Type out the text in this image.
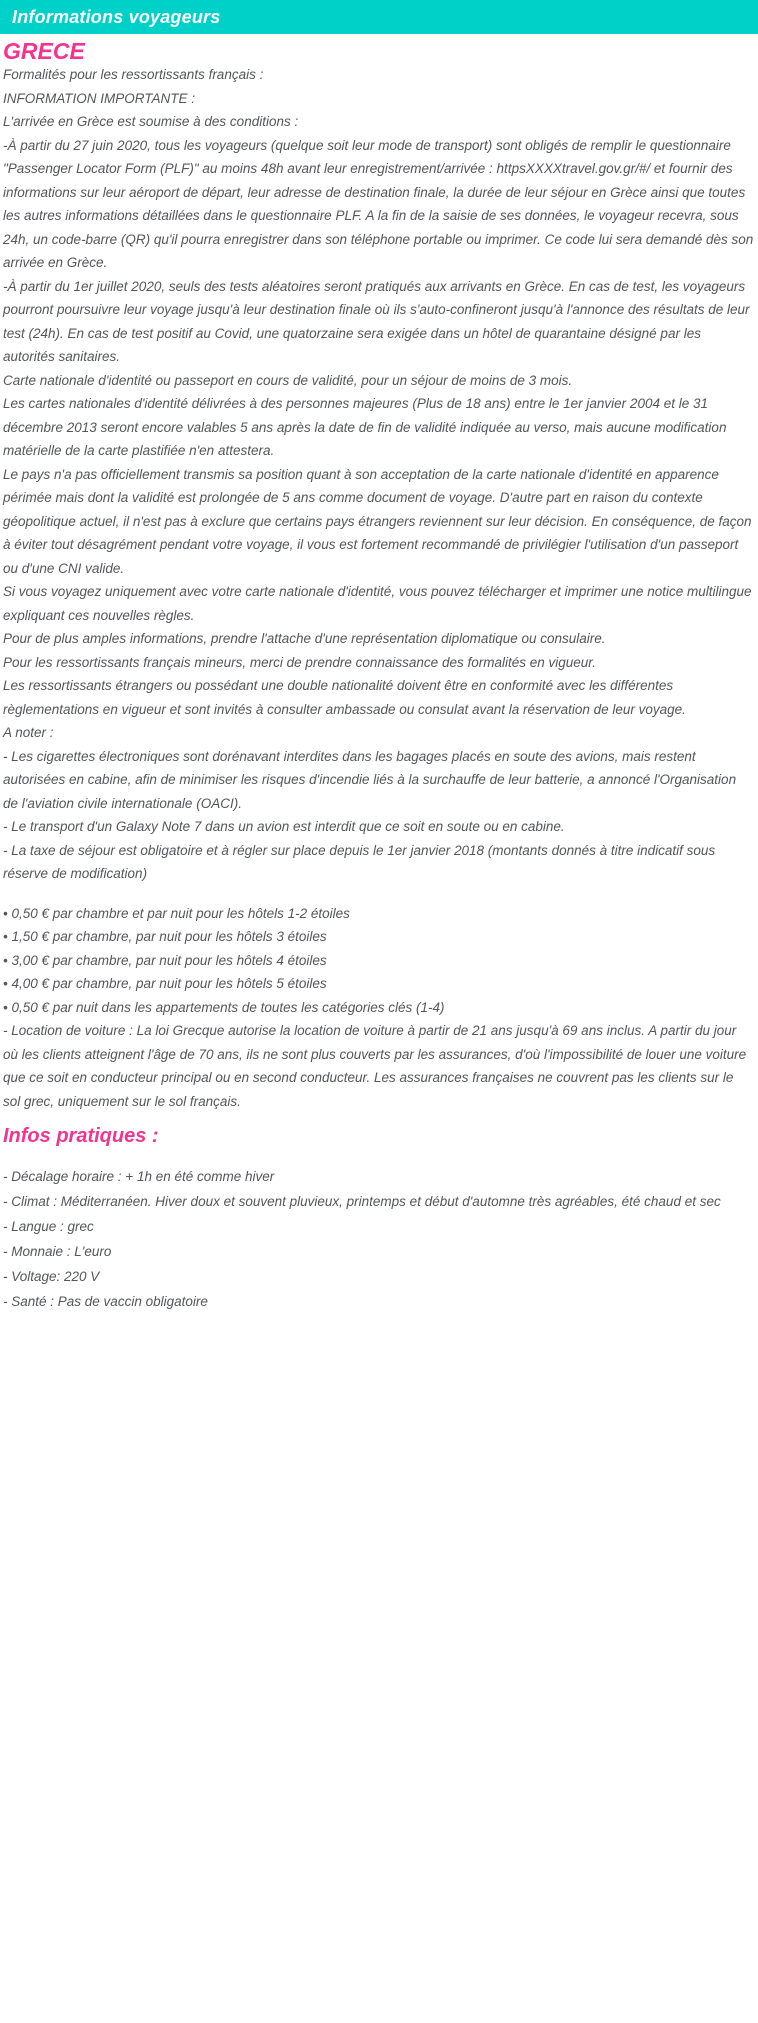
Informations voyageurs
GRECE

Formalités pour les ressortissants français :

INFORMATION IMPORTANTE :

L'arrivée en Grèce est soumise à des conditions :

-À partir du 27 juin 2020, tous les voyageurs (quelque soit leur mode de transport) sont obligés de remplir le questionnaire "Passenger Locator Form (PLF)" au moins 48h avant leur enregistrement/arrivée : httpsXXXXtravel.gov.gr/#/ et fournir des informations sur leur aéroport de départ, leur adresse de destination finale, la durée de leur séjour en Grèce ainsi que toutes les autres informations détaillées dans le questionnaire PLF. A la fin de la saisie de ses données, le voyageur recevra, sous 24h, un code-barre (QR) qu'il pourra enregistrer dans son téléphone portable ou imprimer. Ce code lui sera demandé dès son arrivée en Grèce.

-À partir du 1er juillet 2020, seuls des tests aléatoires seront pratiqués aux arrivants en Grèce. En cas de test, les voyageurs pourront poursuivre leur voyage jusqu'à leur destination finale où ils s'auto-confineront jusqu'à l'annonce des résultats de leur test (24h). En cas de test positif au Covid, une quatorzaine sera exigée dans un hôtel de quarantaine désigné par les autorités sanitaires.

Carte nationale d'identité ou passeport en cours de validité, pour un séjour de moins de 3 mois.

Les cartes nationales d'identité délivrées à des personnes majeures (Plus de 18 ans) entre le 1er janvier 2004 et le 31 décembre 2013 seront encore valables 5 ans après la date de fin de validité indiquée au verso, mais aucune modification matérielle de la carte plastifiée n'en attestera.

Le pays n'a pas officiellement transmis sa position quant à son acceptation de la carte nationale d'identité en apparence périmée mais dont la validité est prolongée de 5 ans comme document de voyage. D'autre part en raison du contexte géopolitique actuel, il n'est pas à exclure que certains pays étrangers reviennent sur leur décision. En conséquence, de façon à éviter tout désagrément pendant votre voyage, il vous est fortement recommandé de privilégier l'utilisation d'un passeport ou d'une CNI valide.

Si vous voyagez uniquement avec votre carte nationale d'identité, vous pouvez télécharger et imprimer une notice multilingue expliquant ces nouvelles règles.

Pour de plus amples informations, prendre l'attache d'une représentation diplomatique ou consulaire.

Pour les ressortissants français mineurs, merci de prendre connaissance des formalités en vigueur.

Les ressortissants étrangers ou possédant une double nationalité doivent être en conformité avec les différentes règlementations en vigueur et sont invités à consulter ambassade ou consulat avant la réservation de leur voyage.

A noter :

- Les cigarettes électroniques sont dorénavant interdites dans les bagages placés en soute des avions, mais restent autorisées en cabine, afin de minimiser les risques d'incendie liés à la surchauffe de leur batterie, a annoncé l'Organisation de l'aviation civile internationale (OACI).

- Le transport d'un Galaxy Note 7 dans un avion est interdit que ce soit en soute ou en cabine.

- La taxe de séjour est obligatoire et à régler sur place depuis le 1er janvier 2018 (montants donnés à titre indicatif sous réserve de modification)

• 0,50 € par chambre et par nuit pour les hôtels 1-2 étoiles

• 1,50 € par chambre, par nuit pour les hôtels 3 étoiles

• 3,00 € par chambre, par nuit pour les hôtels 4 étoiles

• 4,00 € par chambre, par nuit pour les hôtels 5 étoiles

• 0,50 € par nuit dans les appartements de toutes les catégories clés (1-4)

- Location de voiture : La loi Grecque autorise la location de voiture à partir de 21 ans jusqu'à 69 ans inclus. A partir du jour où les clients atteignent l'âge de 70 ans, ils ne sont plus couverts par les assurances, d'où l'impossibilité de louer une voiture que ce soit en conducteur principal ou en second conducteur. Les assurances françaises ne couvrent pas les clients sur le sol grec, uniquement sur le sol français.

Infos pratiques :

- Décalage horaire : + 1h en été comme hiver

- Climat : Méditerranéen. Hiver doux et souvent pluvieux, printemps et début d'automne très agréables, été chaud et sec

- Langue : grec

- Monnaie : L'euro

- Voltage: 220 V

- Santé : Pas de vaccin obligatoire
